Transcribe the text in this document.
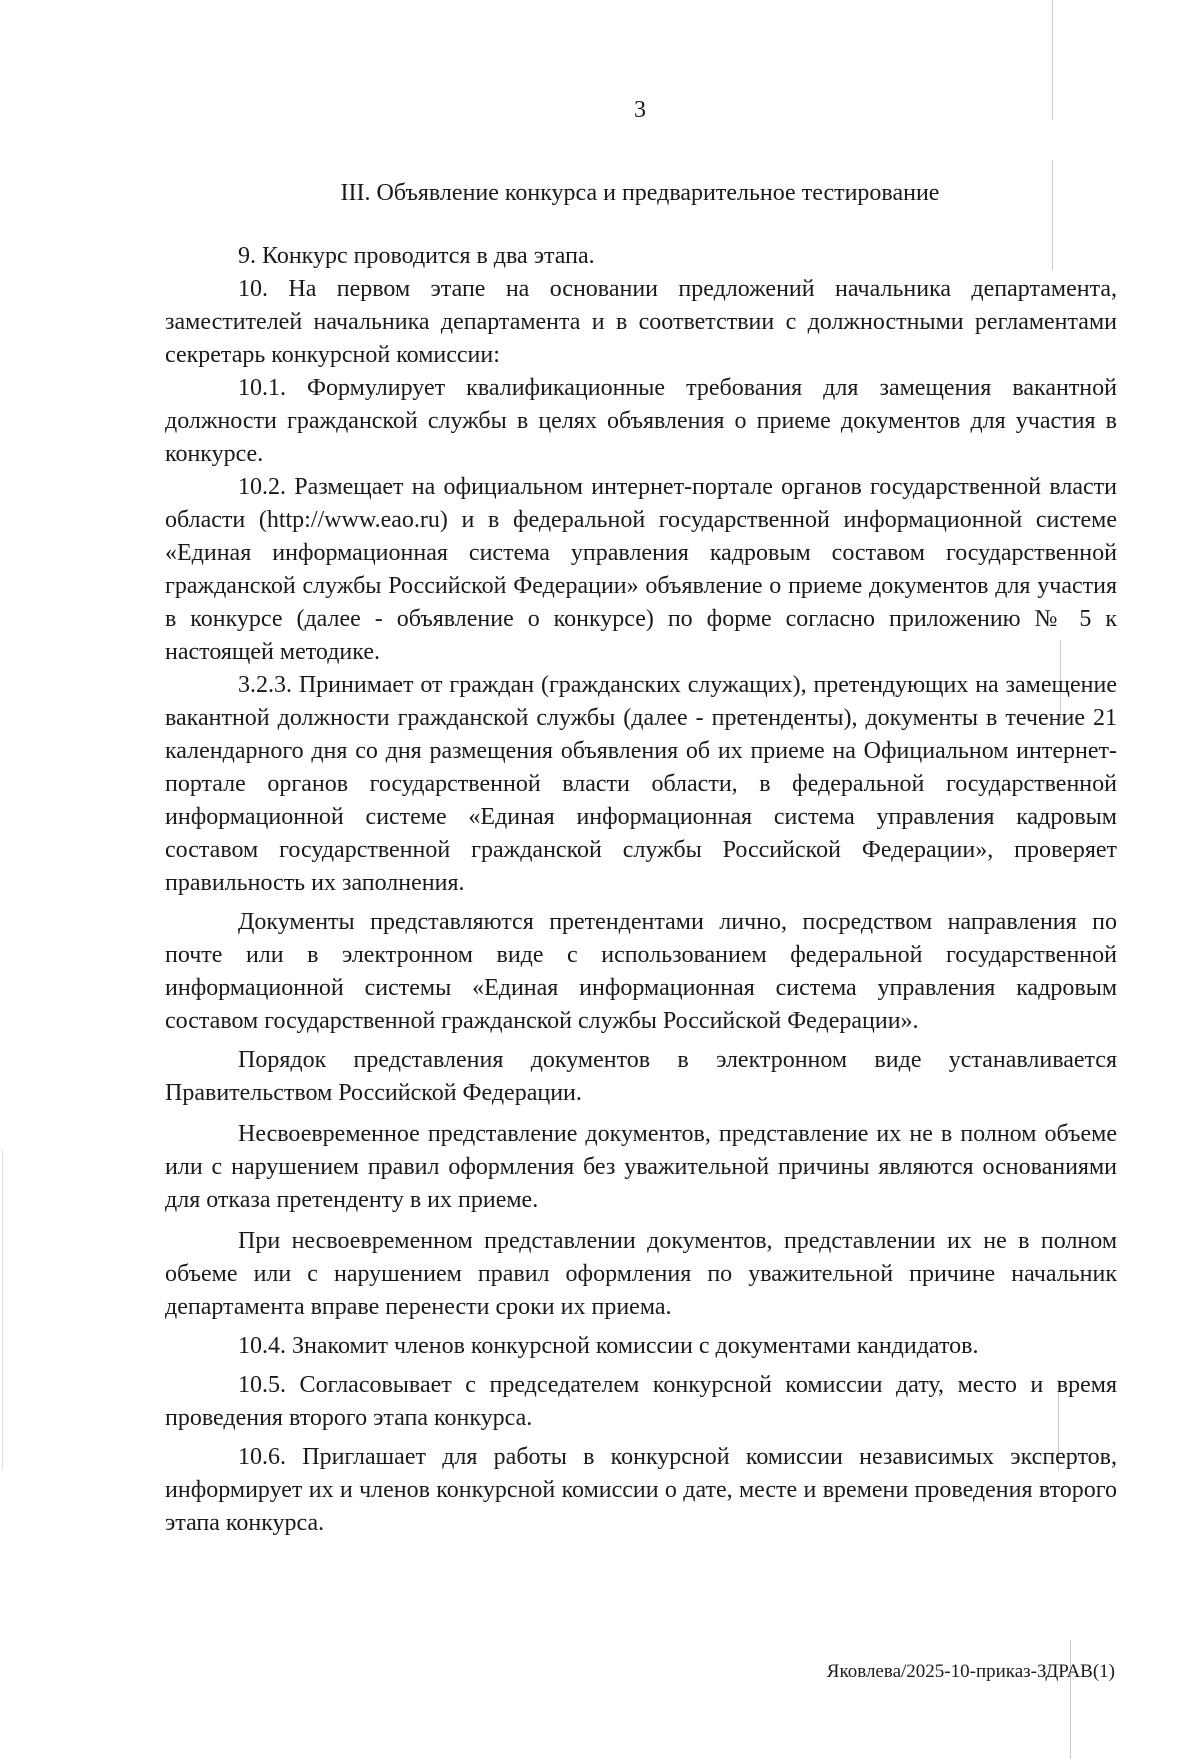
3
III. Объявление конкурса и предварительное тестирование

9. Конкурс проводится в два этапа.

10. На первом этапе на основании предложений начальника департамента, заместителей начальника департамента и в соответствии с должностными регламентами секретарь конкурсной комиссии:

10.1. Формулирует квалификационные требования для замещения вакантной должности гражданской службы в целях объявления о приеме документов для участия в конкурсе.

10.2. Размещает на официальном интернет-портале органов государственной власти области (http://www.eao.ru) и в федеральной государственной информационной системе «Единая информационная система управления кадровым составом государственной гражданской службы Российской Федерации» объявление о приеме документов для участия в конкурсе (далее - объявление о конкурсе) по форме согласно приложению № 5 к настоящей методике.

3.2.3. Принимает от граждан (гражданских служащих), претендующих на замещение вакантной должности гражданской службы (далее - претенденты), документы в течение 21 календарного дня со дня размещения объявления об их приеме на Официальном интернет-портале органов государственной власти области, в федеральной государственной информационной системе «Единая информационная система управления кадровым составом государственной гражданской службы Российской Федерации», проверяет правильность их заполнения.

Документы представляются претендентами лично, посредством направления по почте или в электронном виде с использованием федеральной государственной информационной системы «Единая информационная система управления кадровым составом государственной гражданской службы Российской Федерации».

Порядок представления документов в электронном виде устанавливается Правительством Российской Федерации.

Несвоевременное представление документов, представление их не в полном объеме или с нарушением правил оформления без уважительной причины являются основаниями для отказа претенденту в их приеме.

При несвоевременном представлении документов, представлении их не в полном объеме или с нарушением правил оформления по уважительной причине начальник департамента вправе перенести сроки их приема.

10.4. Знакомит членов конкурсной комиссии с документами кандидатов.

10.5. Согласовывает с председателем конкурсной комиссии дату, место и время проведения второго этапа конкурса.

10.6. Приглашает для работы в конкурсной комиссии независимых экспертов, информирует их и членов конкурсной комиссии о дате, месте и времени проведения второго этапа конкурса.

Яковлева/2025-10-приказ-ЗДРАВ(1)
